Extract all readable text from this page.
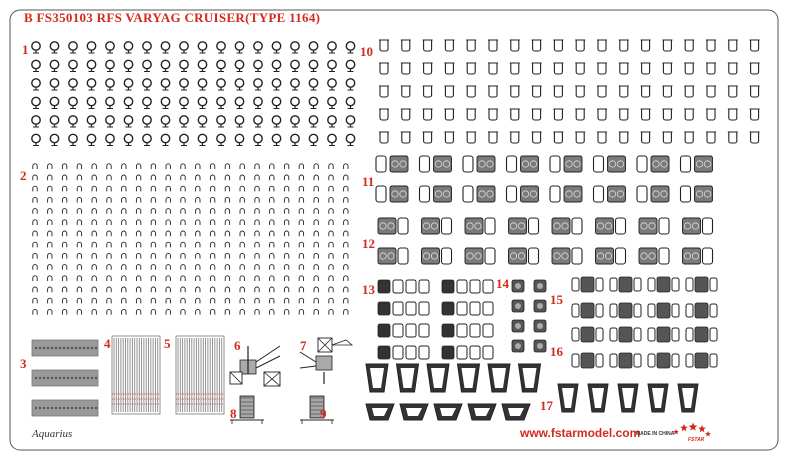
B FS350103 RFS VARYAG CRUISER(TYPE 1164)
1
2
3
4	5	6	7
8	9
10
11
12
13	14
15
16
17
Aquarius	www.fstarmodel.com
MADE IN CHINA
FSTAR
